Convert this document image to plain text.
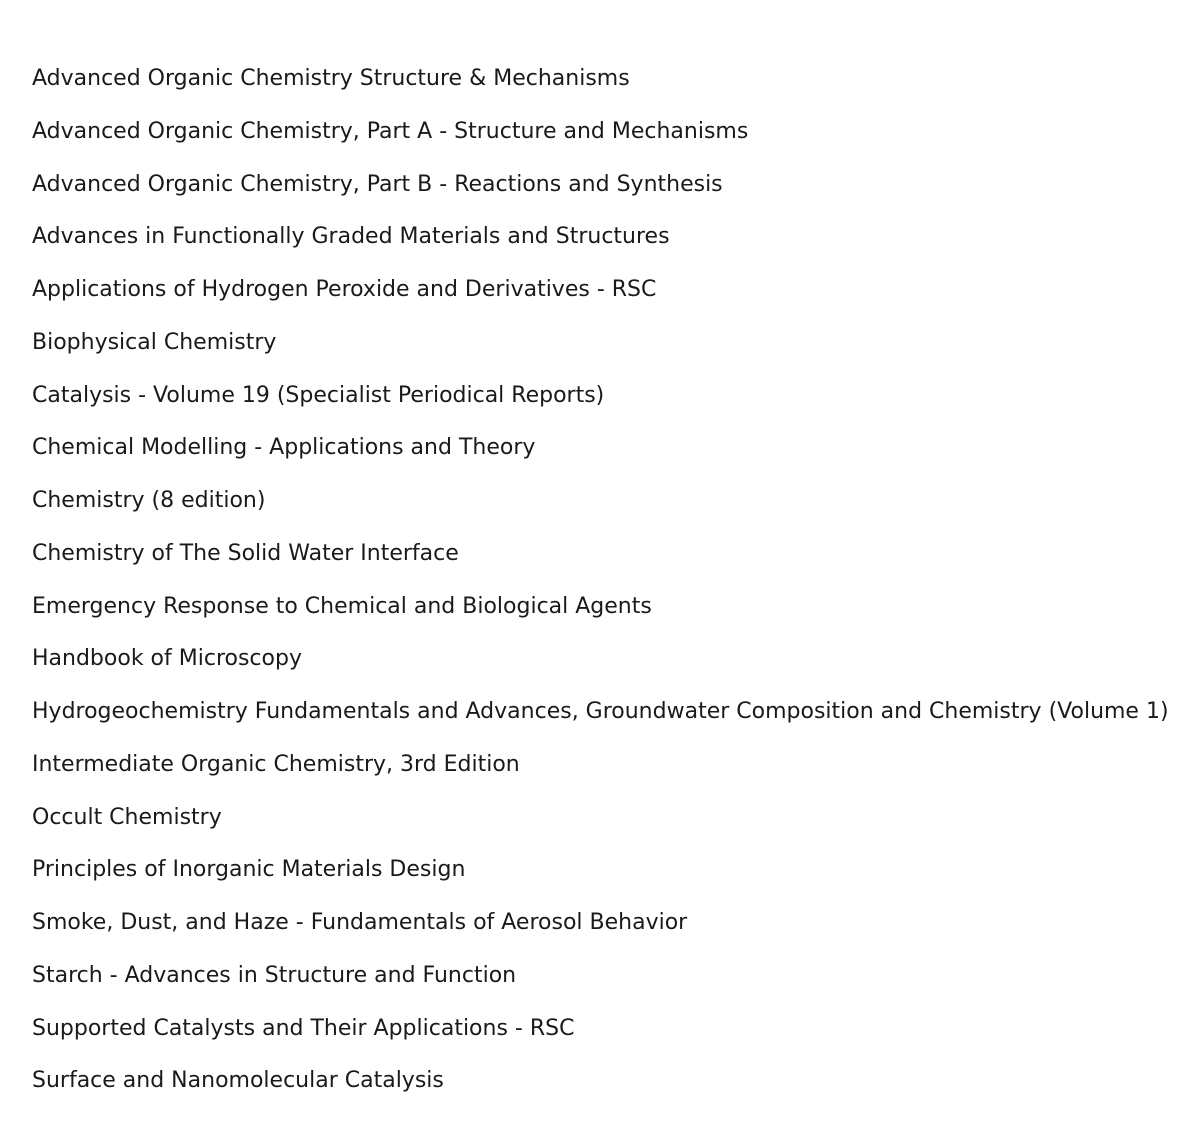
Advanced Organic Chemistry Structure & Mechanisms
Advanced Organic Chemistry, Part A - Structure and Mechanisms
Advanced Organic Chemistry, Part B - Reactions and Synthesis
Advances in Functionally Graded Materials and Structures
Applications of Hydrogen Peroxide and Derivatives - RSC
Biophysical Chemistry
Catalysis - Volume 19 (Specialist Periodical Reports)
Chemical Modelling - Applications and Theory
Chemistry (8 edition)
Chemistry of The Solid Water Interface
Emergency Response to Chemical and Biological Agents
Handbook of Microscopy
Hydrogeochemistry Fundamentals and Advances, Groundwater Composition and Chemistry (Volume 1)
Intermediate Organic Chemistry, 3rd Edition
Occult Chemistry
Principles of Inorganic Materials Design
Smoke, Dust, and Haze - Fundamentals of Aerosol Behavior
Starch - Advances in Structure and Function
Supported Catalysts and Their Applications - RSC
Surface and Nanomolecular Catalysis
